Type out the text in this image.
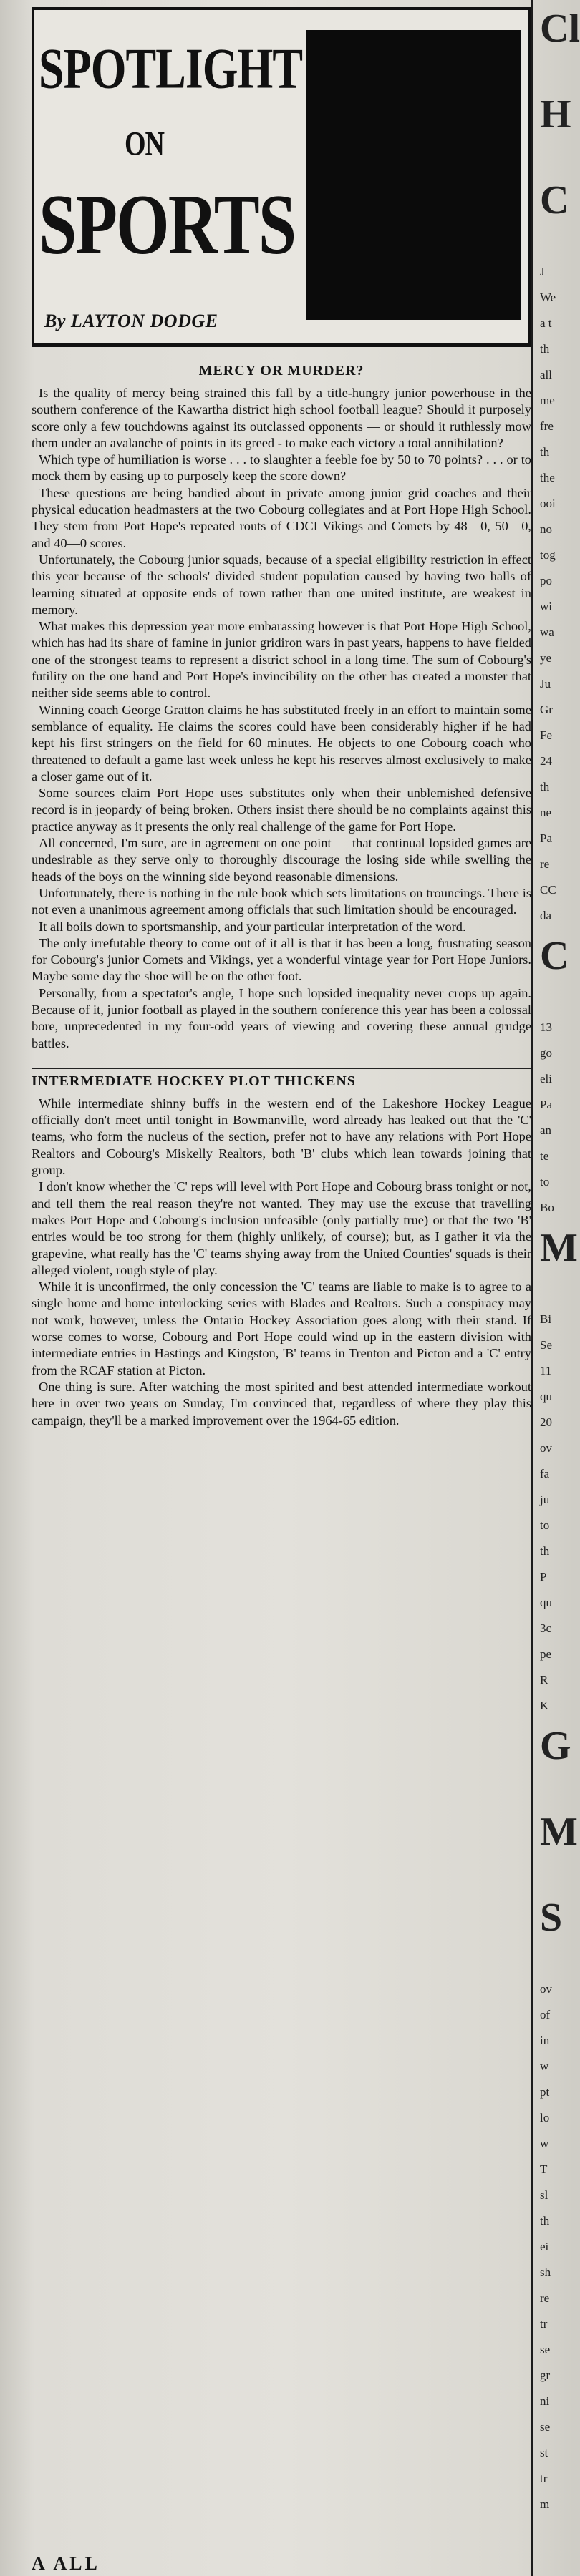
SPOTLIGHT
ON
SPORTS
By LAYTON DODGE
MERCY OR MURDER?

Is the quality of mercy being strained this fall by a title-hungry junior powerhouse in the southern conference of the Kawartha district high school football league? Should it purposely score only a few touchdowns against its outclassed opponents — or should it ruthlessly mow them under an avalanche of points in its greed - to make each victory a total annihilation?

Which type of humiliation is worse . . . to slaughter a feeble foe by 50 to 70 points? . . . or to mock them by easing up to purposely keep the score down?

These questions are being bandied about in private among junior grid coaches and their physical education headmasters at the two Cobourg collegiates and at Port Hope High School. They stem from Port Hope's repeated routs of CDCI Vikings and Comets by 48—0, 50—0, and 40—0 scores.

Unfortunately, the Cobourg junior squads, because of a special eligibility restriction in effect this year because of the schools' divided student population caused by having two halls of learning situated at opposite ends of town rather than one united institute, are weakest in memory.

What makes this depression year more embarassing however is that Port Hope High School, which has had its share of famine in junior gridiron wars in past years, happens to have fielded one of the strongest teams to represent a district school in a long time. The sum of Cobourg's futility on the one hand and Port Hope's invincibility on the other has created a monster that neither side seems able to control.

Winning coach George Gratton claims he has substituted freely in an effort to maintain some semblance of equality. He claims the scores could have been considerably higher if he had kept his first stringers on the field for 60 minutes. He objects to one Cobourg coach who threatened to default a game last week unless he kept his reserves almost exclusively to make a closer game out of it.

Some sources claim Port Hope uses substitutes only when their unblemished defensive record is in jeopardy of being broken. Others insist there should be no complaints against this practice anyway as it presents the only real challenge of the game for Port Hope.

All concerned, I'm sure, are in agreement on one point — that continual lopsided games are undesirable as they serve only to thoroughly discourage the losing side while swelling the heads of the boys on the winning side beyond reasonable dimensions.

Unfortunately, there is nothing in the rule book which sets limitations on trouncings. There is not even a unanimous agreement among officials that such limitation should be encouraged.

It all boils down to sportsmanship, and your particular interpretation of the word.

The only irrefutable theory to come out of it all is that it has been a long, frustrating season for Cobourg's junior Comets and Vikings, yet a wonderful vintage year for Port Hope Juniors. Maybe some day the shoe will be on the other foot.

Personally, from a spectator's angle, I hope such lopsided inequality never crops up again. Because of it, junior football as played in the southern conference this year has been a colossal bore, unprecedented in my four-odd years of viewing and covering these annual grudge battles.

INTERMEDIATE HOCKEY PLOT THICKENS

While intermediate shinny buffs in the western end of the Lakeshore Hockey League officially don't meet until tonight in Bowmanville, word already has leaked out that the 'C' teams, who form the nucleus of the section, prefer not to have any relations with Port Hope Realtors and Cobourg's Miskelly Realtors, both 'B' clubs which lean towards joining that group.

I don't know whether the 'C' reps will level with Port Hope and Cobourg brass tonight or not, and tell them the real reason they're not wanted. They may use the excuse that travelling makes Port Hope and Cobourg's inclusion unfeasible (only partially true) or that the two 'B' entries would be too strong for them (highly unlikely, of course); but, as I gather it via the grapevine, what really has the 'C' teams shying away from the United Counties' squads is their alleged violent, rough style of play.

While it is unconfirmed, the only concession the 'C' teams are liable to make is to agree to a single home and home interlocking series with Blades and Realtors. Such a conspiracy may not work, however, unless the Ontario Hockey Association goes along with their stand. If worse comes to worse, Cobourg and Port Hope could wind up in the eastern division with intermediate entries in Hastings and Kingston, 'B' teams in Trenton and Picton and a 'C' entry from the RCAF station at Picton.

One thing is sure. After watching the most spirited and best attended intermediate workout here in over two years on Sunday, I'm convinced that, regardless of where they play this campaign, they'll be a marked improvement over the 1964-65 edition.

Cl
H
C
J
We
a t
th
all
me
fre
th
the
ooi
no
tog
po
wi
wa
ye
Ju
Gr
Fe
24
th
ne
Pa
re
CC
da
C
13
go
eli
Pa
an
te
to
Bo
M
Bi
Se
11
qu
20
ov
fa
ju
to
th
P
qu
3c
pe
R
K
G
M
S
ov
of
in
w
pt
lo
w
T
sl
th
ei
sh
re
tr
se
gr
ni
se
st
tr
m
A ALL
